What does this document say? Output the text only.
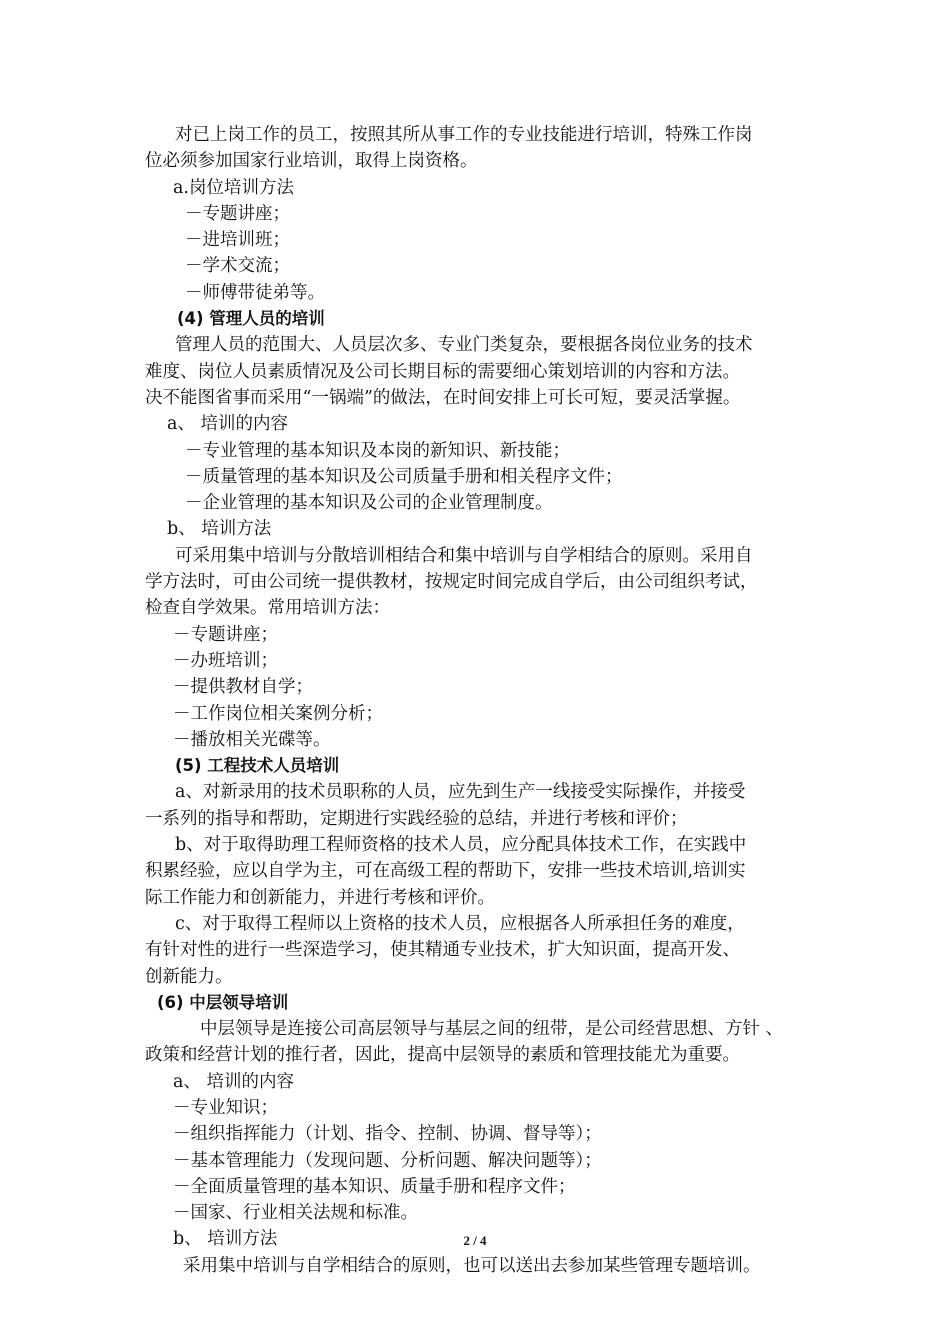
对已上岗工作的员工，按照其所从事工作的专业技能进行培训，特殊工作岗
位必须参加国家行业培训，取得上岗资格。
a.岗位培训方法
－专题讲座；
－进培训班；
－学术交流；
－师傅带徒弟等。
(4) 管理人员的培训
管理人员的范围大、人员层次多、专业门类复杂，要根据各岗位业务的技术
难度、岗位人员素质情况及公司长期目标的需要细心策划培训的内容和方法。
决不能图省事而采用“一锅端”的做法，在时间安排上可长可短，要灵活掌握。
a、 培训的内容
－专业管理的基本知识及本岗的新知识、新技能；
－质量管理的基本知识及公司质量手册和相关程序文件；
－企业管理的基本知识及公司的企业管理制度。
b、 培训方法
可采用集中培训与分散培训相结合和集中培训与自学相结合的原则。采用自
学方法时，可由公司统一提供教材，按规定时间完成自学后，由公司组织考试，
检查自学效果。常用培训方法：
－专题讲座；
－办班培训；
－提供教材自学；
－工作岗位相关案例分析；
－播放相关光碟等。
(5) 工程技术人员培训
a、对新录用的技术员职称的人员，应先到生产一线接受实际操作，并接受
一系列的指导和帮助，定期进行实践经验的总结，并进行考核和评价；
b、对于取得助理工程师资格的技术人员，应分配具体技术工作，在实践中
积累经验，应以自学为主，可在高级工程的帮助下，安排一些技术培训,培训实
际工作能力和创新能力，并进行考核和评价。
c、对于取得工程师以上资格的技术人员，应根据各人所承担任务的难度，
有针对性的进行一些深造学习，使其精通专业技术，扩大知识面，提高开发、
创新能力。
(6) 中层领导培训
中层领导是连接公司高层领导与基层之间的纽带，是公司经营思想、方针 、
政策和经营计划的推行者，因此，提高中层领导的素质和管理技能尤为重要。
a、 培训的内容
－专业知识；
－组织指挥能力（计划、指令、控制、协调、督导等）；
－基本管理能力（发现问题、分析问题、解决问题等）；
－全面质量管理的基本知识、质量手册和程序文件；
－国家、行业相关法规和标准。
b、 培训方法
采用集中培训与自学相结合的原则，也可以送出去参加某些管理专题培训。
2 / 4
